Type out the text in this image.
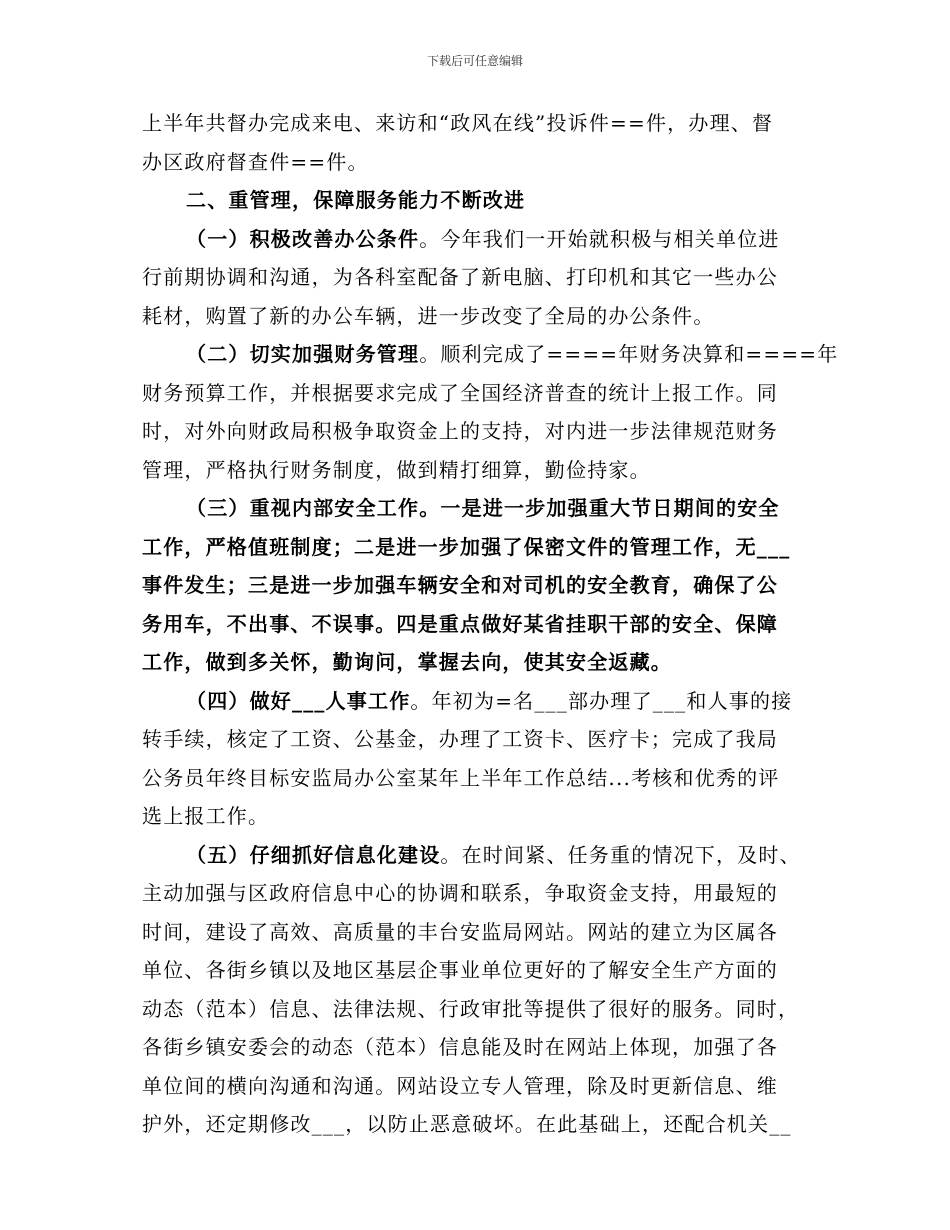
下载后可任意编辑
上半年共督办完成来电、来访和“政风在线”投诉件==件，办理、督
办区政府督查件==件。
二、重管理，保障服务能力不断改进
（一）积极改善办公条件。今年我们一开始就积极与相关单位进
行前期协调和沟通，为各科室配备了新电脑、打印机和其它一些办公
耗材，购置了新的办公车辆，进一步改变了全局的办公条件。
（二）切实加强财务管理。顺利完成了====年财务决算和====年
财务预算工作，并根据要求完成了全国经济普查的统计上报工作。同
时，对外向财政局积极争取资金上的支持，对内进一步法律规范财务
管理，严格执行财务制度，做到精打细算，勤俭持家。
（三）重视内部安全工作。一是进一步加强重大节日期间的安全
工作，严格值班制度；二是进一步加强了保密文件的管理工作，无___
事件发生；三是进一步加强车辆安全和对司机的安全教育，确保了公
务用车，不出事、不误事。四是重点做好某省挂职干部的安全、保障
工作，做到多关怀，勤询问，掌握去向，使其安全返藏。
（四）做好___人事工作。年初为=名___部办理了___和人事的接
转手续，核定了工资、公基金，办理了工资卡、医疗卡；完成了我局
公务员年终目标安监局办公室某年上半年工作总结...考核和优秀的评
选上报工作。
（五）仔细抓好信息化建设。在时间紧、任务重的情况下，及时、
主动加强与区政府信息中心的协调和联系，争取资金支持，用最短的
时间，建设了高效、高质量的丰台安监局网站。网站的建立为区属各
单位、各街乡镇以及地区基层企事业单位更好的了解安全生产方面的
动态（范本）信息、法律法规、行政审批等提供了很好的服务。同时，
各街乡镇安委会的动态（范本）信息能及时在网站上体现，加强了各
单位间的横向沟通和沟通。网站设立专人管理，除及时更新信息、维
护外，还定期修改___，以防止恶意破坏。在此基础上，还配合机关__
